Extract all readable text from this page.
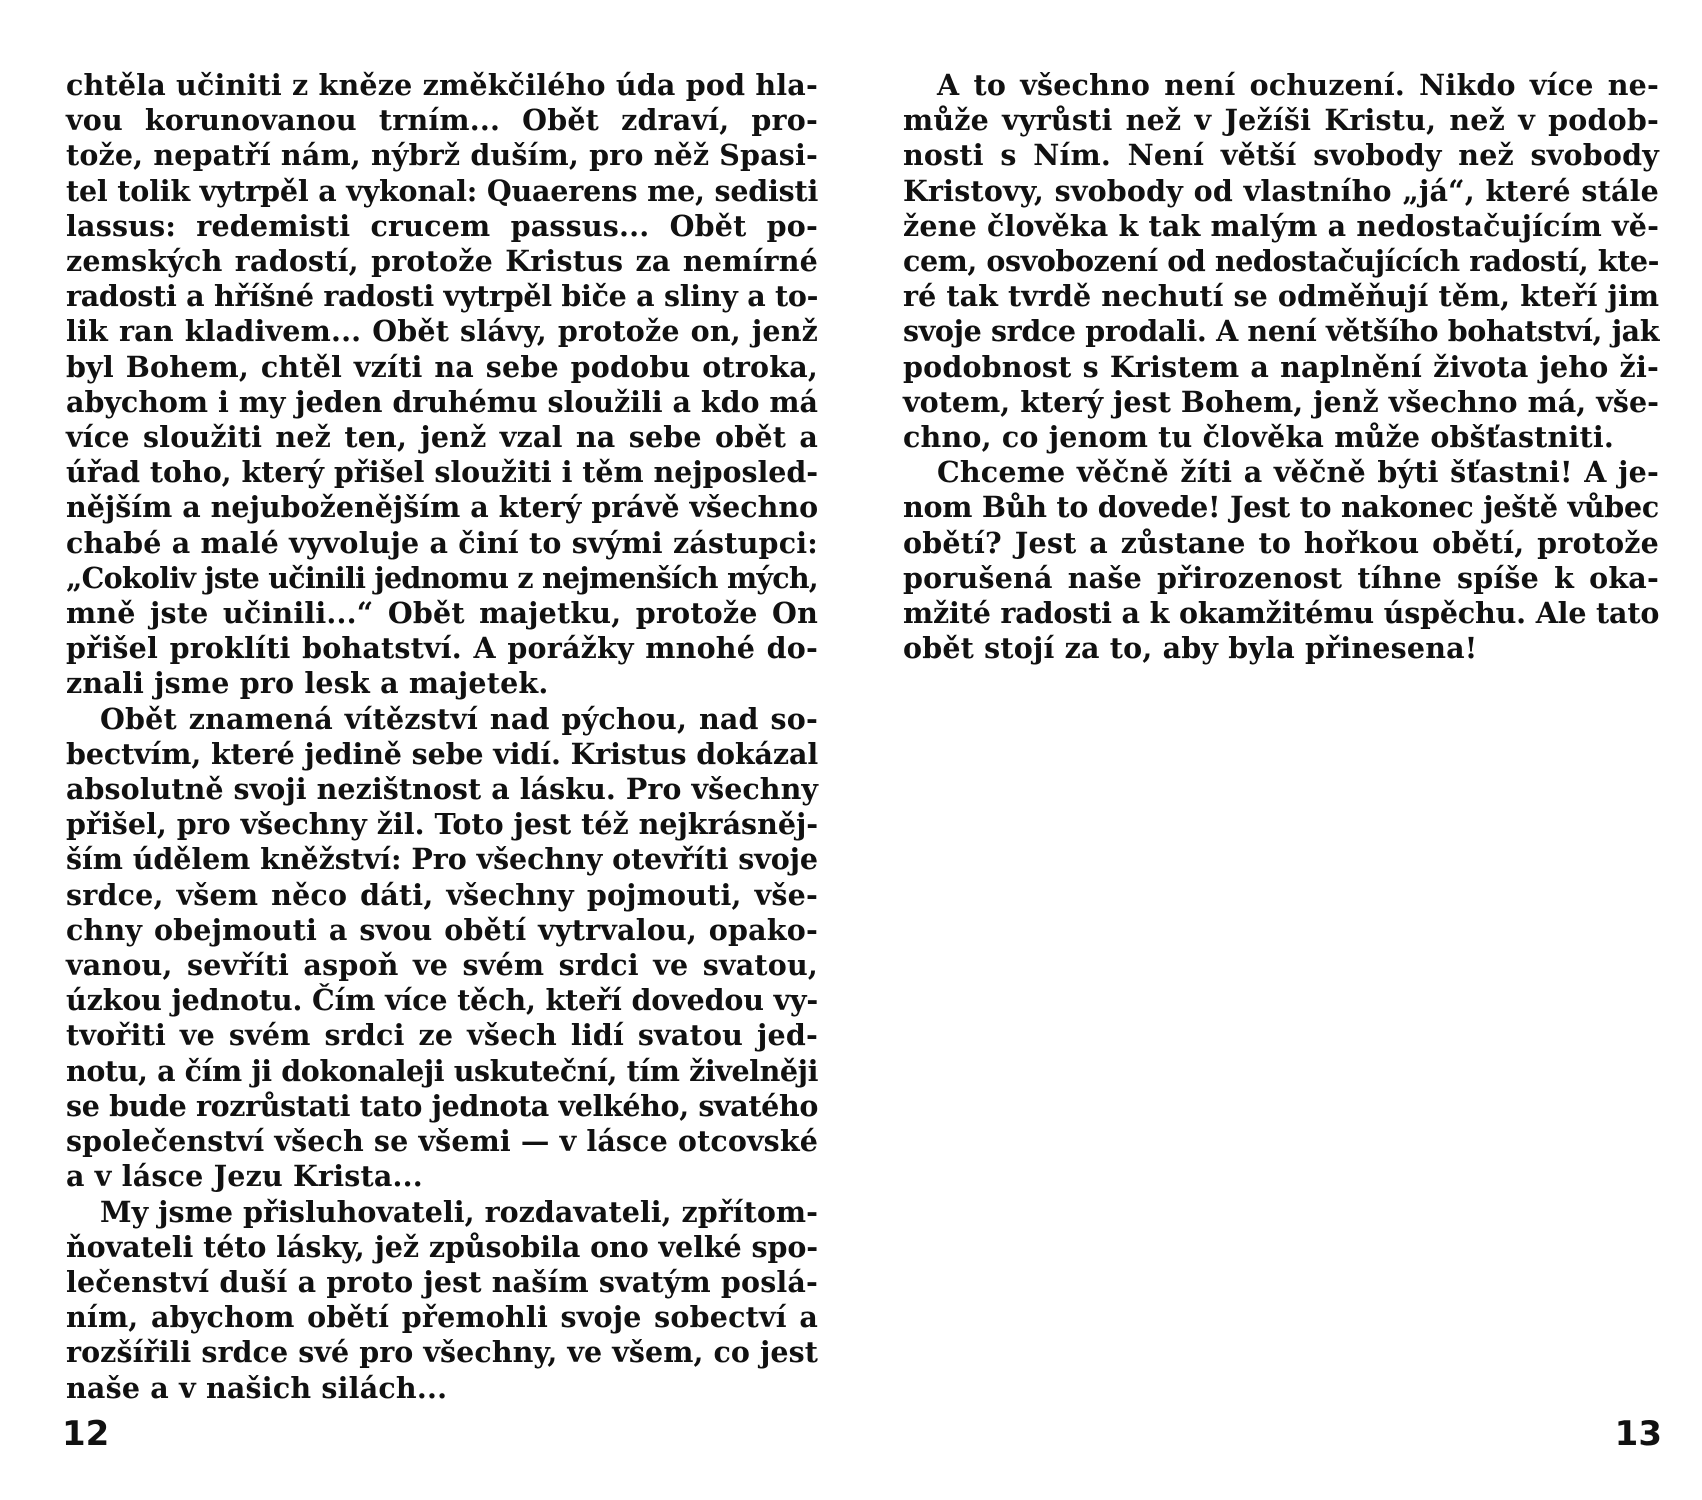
chtěla učiniti z kněze změkčilého úda pod hla-
vou korunovanou trním... Obět zdraví, pro-
tože, nepatří nám, nýbrž duším, pro něž Spasi-
tel tolik vytrpěl a vykonal: Quaerens me, sedisti
lassus: redemisti crucem passus... Obět po-
zemských radostí, protože Kristus za nemírné
radosti a hříšné radosti vytrpěl biče a sliny a to-
lik ran kladivem... Obět slávy, protože on, jenž
byl Bohem, chtěl vzíti na sebe podobu otroka,
abychom i my jeden druhému sloužili a kdo má
více sloužiti než ten, jenž vzal na sebe obět a
úřad toho, který přišel sloužiti i těm nejposled-
nějším a nejuboženějším a který právě všechno
chabé a malé vyvoluje a činí to svými zástupci:
„Cokoliv jste učinili jednomu z nejmenších mých,
mně jste učinili...“ Obět majetku, protože On
přišel proklíti bohatství. A porážky mnohé do-
znali jsme pro lesk a majetek.
Obět znamená vítězství nad pýchou, nad so-
bectvím, které jedině sebe vidí. Kristus dokázal
absolutně svoji nezištnost a lásku. Pro všechny
přišel, pro všechny žil. Toto jest též nejkrásněj-
ším údělem kněžství: Pro všechny otevříti svoje
srdce, všem něco dáti, všechny pojmouti, vše-
chny obejmouti a svou obětí vytrvalou, opako-
vanou, sevříti aspoň ve svém srdci ve svatou,
úzkou jednotu. Čím více těch, kteří dovedou vy-
tvořiti ve svém srdci ze všech lidí svatou jed-
notu, a čím ji dokonaleji uskuteční, tím živelněji
se bude rozrůstati tato jednota velkého, svatého
společenství všech se všemi — v lásce otcovské
a v lásce Jezu Krista...
My jsme přisluhovateli, rozdavateli, zpřítom-
ňovateli této lásky, jež způsobila ono velké spo-
lečenství duší a proto jest naším svatým poslá-
ním, abychom obětí přemohli svoje sobectví a
rozšířili srdce své pro všechny, ve všem, co jest
naše a v našich silách...
12
A to všechno není ochuzení. Nikdo více ne-
může vyrůsti než v Ježíši Kristu, než v podob-
nosti s Ním. Není větší svobody než svobody
Kristovy, svobody od vlastního „já“, které stále
žene člověka k tak malým a nedostačujícím vě-
cem, osvobození od nedostačujících radostí, kte-
ré tak tvrdě nechutí se odměňují těm, kteří jim
svoje srdce prodali. A není většího bohatství, jak
podobnost s Kristem a naplnění života jeho ži-
votem, který jest Bohem, jenž všechno má, vše-
chno, co jenom tu člověka může obšťastniti.
Chceme věčně žíti a věčně býti šťastni! A je-
nom Bůh to dovede! Jest to nakonec ještě vůbec
obětí? Jest a zůstane to hořkou obětí, protože
porušená naše přirozenost tíhne spíše k oka-
mžité radosti a k okamžitému úspěchu. Ale tato
obět stojí za to, aby byla přinesena!
13
